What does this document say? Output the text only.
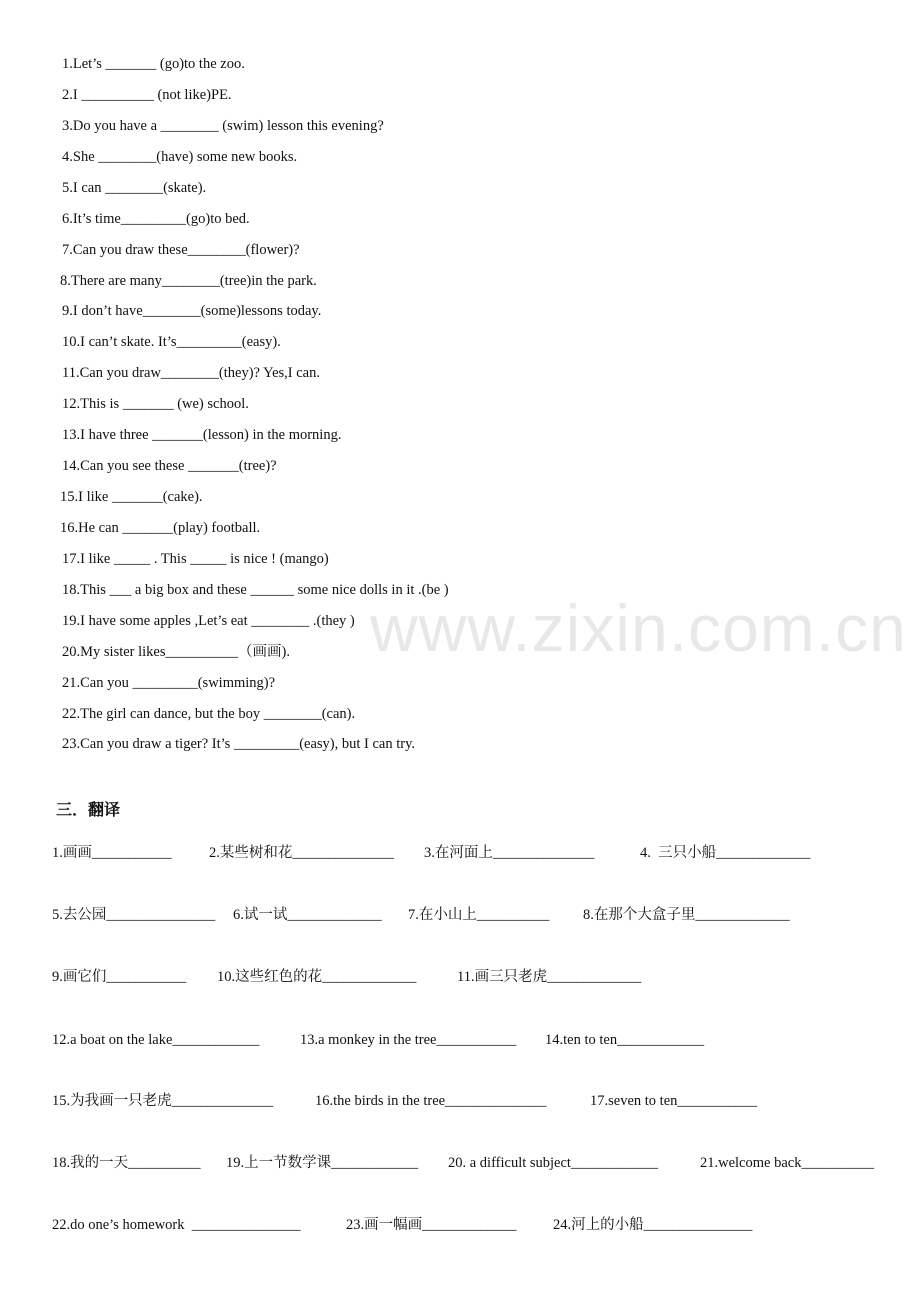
1.Let’s _______ (go)to the zoo.
2.I __________ (not like)PE.
3.Do you have a ________ (swim) lesson this evening?
4.She ________(have) some new books.
5.I can ________(skate).
6.It’s time_________(go)to bed.
7.Can you draw these________(flower)?
8.There are many________(tree)in the park.
9.I don’t have________(some)lessons today.
10.I can’t skate. It’s_________(easy).
11.Can you draw________(they)? Yes,I can.
12.This is _______ (we) school.
13.I have three _______(lesson) in the morning.
14.Can you see these _______(tree)?
15.I like _______(cake).
16.He can _______(play) football.
17.I like _____ . This _____ is nice ! (mango)
18.This ___ a big box and these ______ some nice dolls in it .(be )
19.I have some apples ,Let’s eat ________ .(they )
20.My sister likes__________（画画).
21.Can you _________(swimming)?
22.The girl can dance, but the boy ________(can).
23.Can you draw a tiger? It’s _________(easy), but I can try.
www.zixin.com.cn
三．翻译
1.画画___________	2.某些树和花______________ 3.在河面上______________	4.  三只小船_____________
5.去公园_______________ 6.试一试_____________ 7.在小山上__________ 8.在那个大盒子里_____________
9.画它们___________ 10.这些红色的花_____________	11.画三只老虎_____________
12.a boat on the lake____________	13.a monkey in the tree___________ 14.ten to ten____________
15.为我画一只老虎______________	16.the birds in the tree______________	17.seven to ten___________
18.我的一天__________ 19.上一节数学课____________ 20. a difficult subject____________	21.welcome back__________
22.do one’s homework  _______________	23.画一幅画_____________	24.河上的小船_______________
